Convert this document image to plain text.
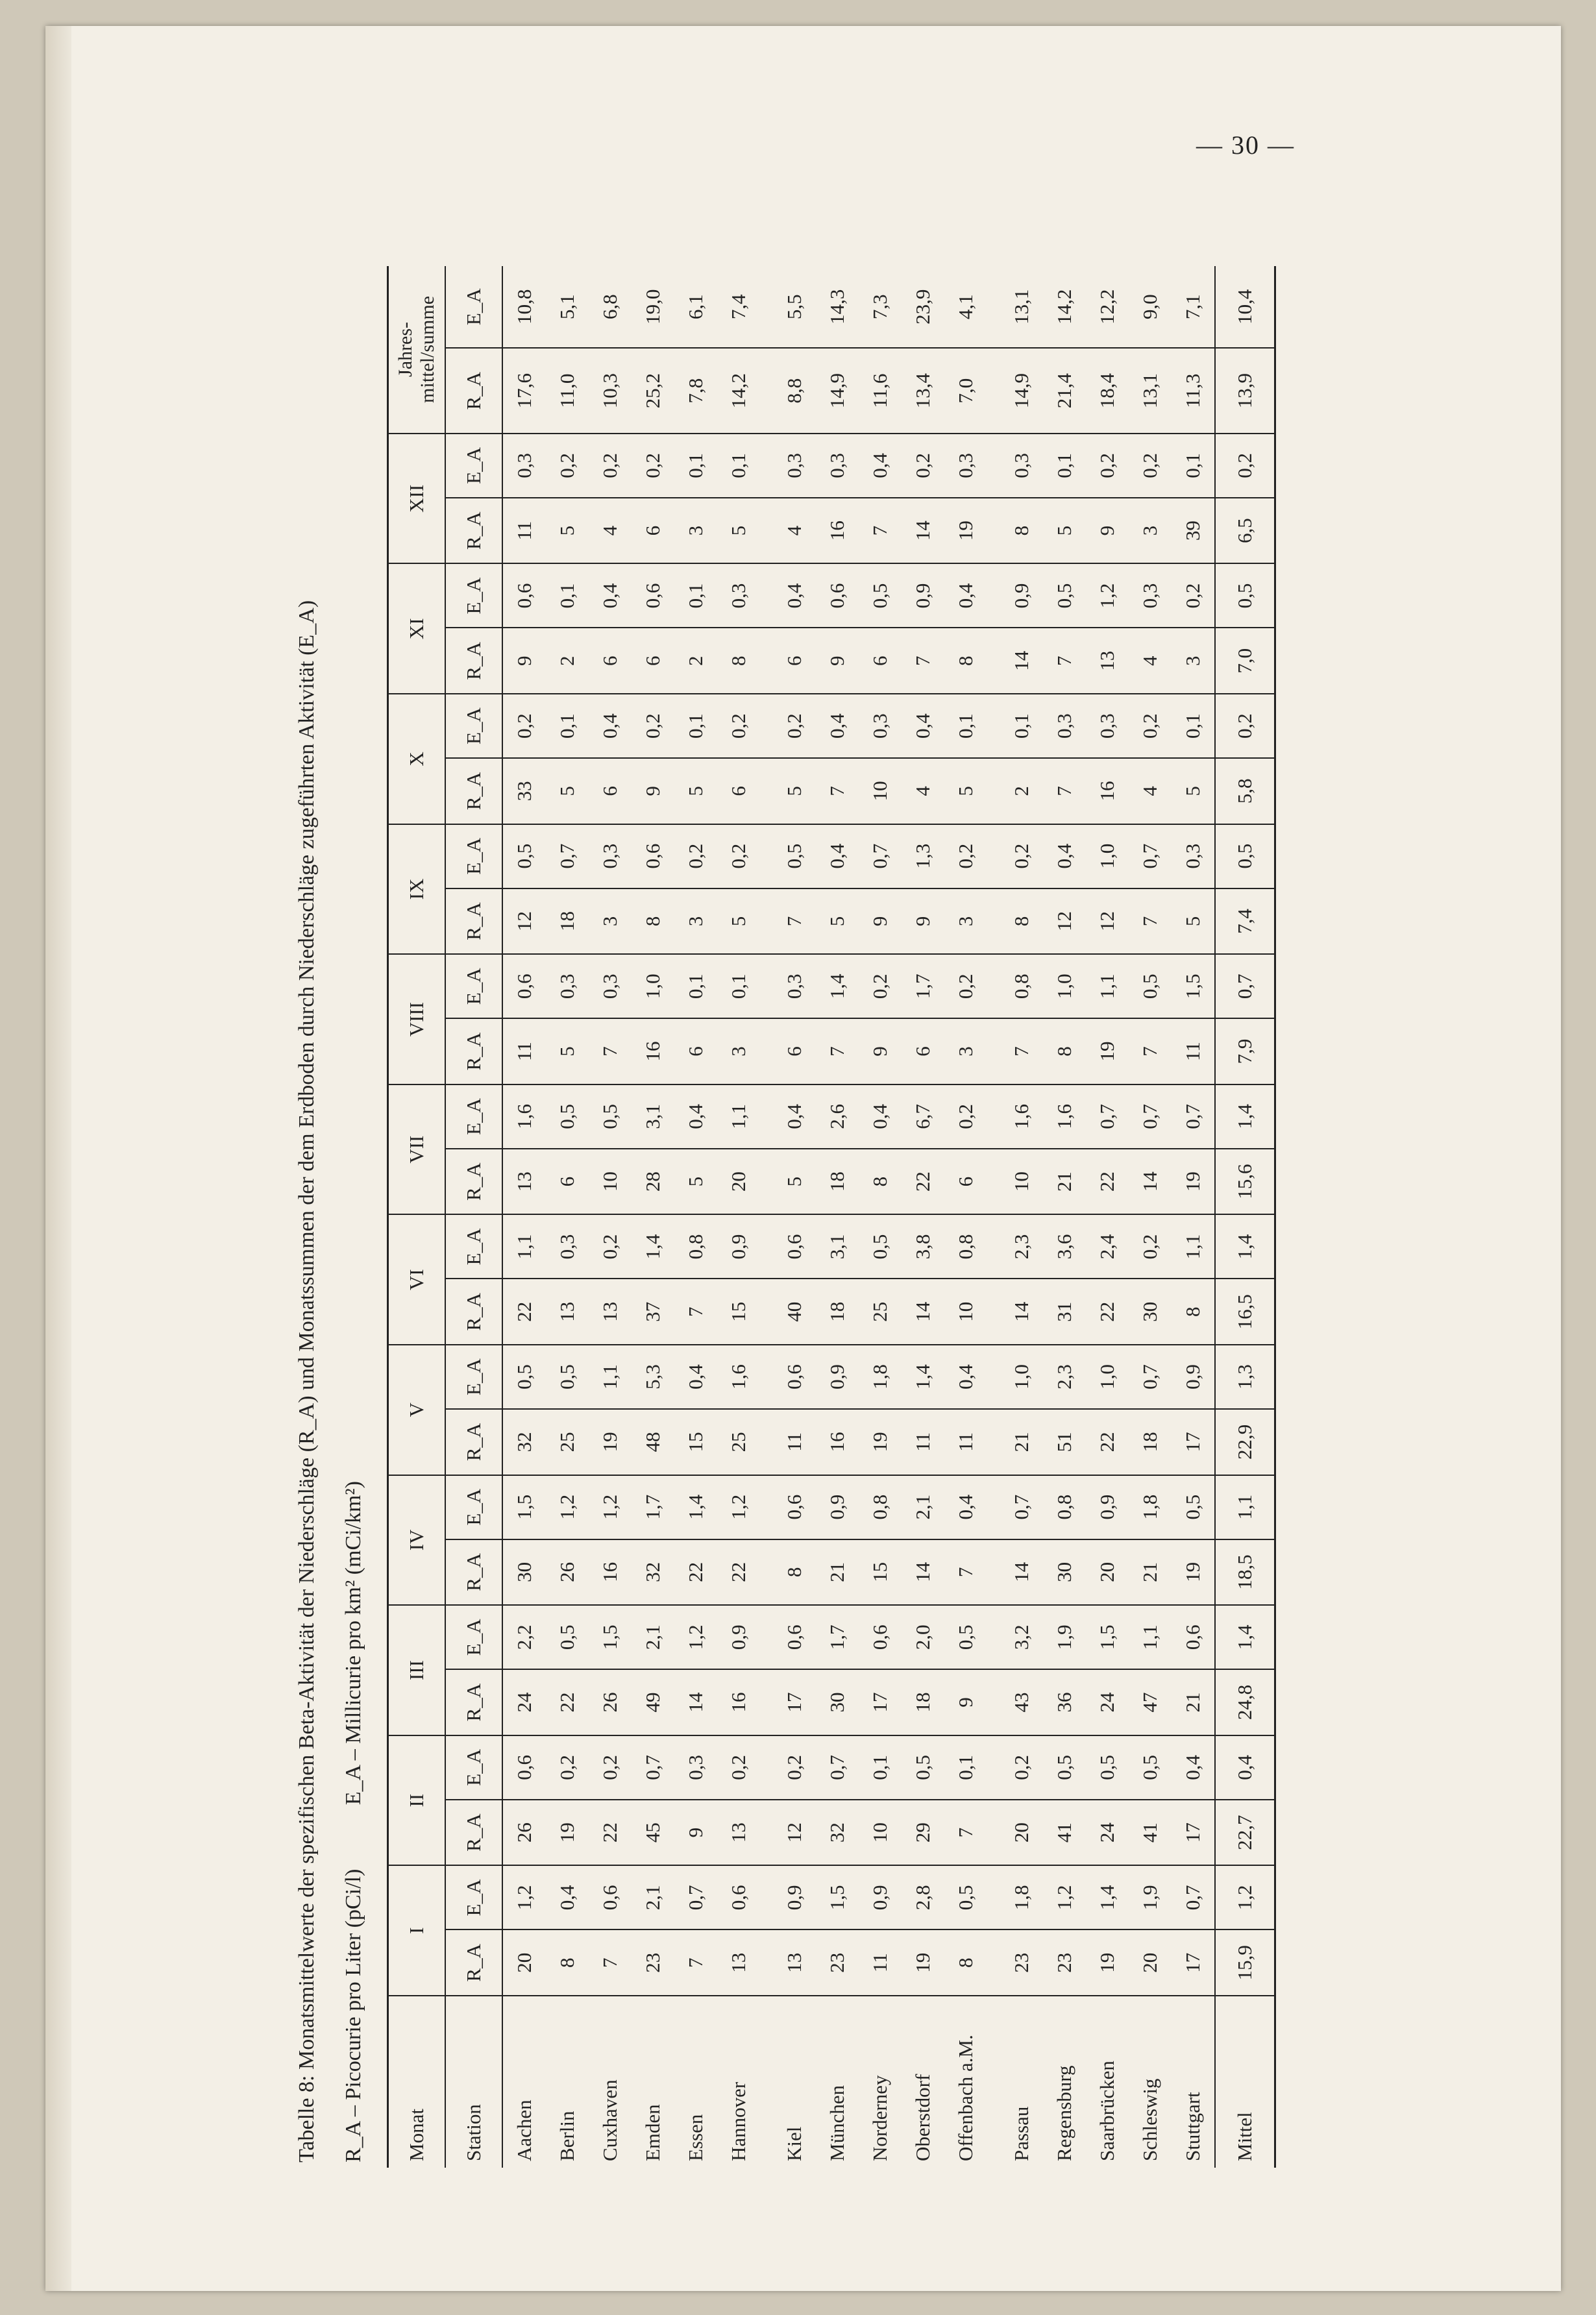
— 30 —
Tabelle 8: Monatsmittelwerte der spezifischen Beta-Aktivität der Niederschläge (R_A) und Monatssummen der dem Erdboden durch Niederschläge zugeführten Aktivität (E_A) R_A – Picocurie pro Liter (pCi/l) E_A – Millicurie pro km² (mCi/km²)
Monat	I		II		III		IV		V		VI		VII		VIII		IX		X		XI		XII		Jahres- mittel/summe	

Station	R_A	E_A	R_A	E_A	R_A	E_A	R_A	E_A	R_A	E_A	R_A	E_A	R_A	E_A	R_A	E_A	R_A	E_A	R_A	E_A	R_A	E_A	R_A	E_A	R_A	E_A
Aachen	20	1,2	26	0,6	24	2,2	30	1,5	32	0,5	22	1,1	13	1,6	11	0,6	12	0,5	33	0,2	9	0,6	11	0,3	17,6	10,8
Berlin	8	0,4	19	0,2	22	0,5	26	1,2	25	0,5	13	0,3	6	0,5	5	0,3	18	0,7	5	0,1	2	0,1	5	0,2	11,0	5,1
Cuxhaven	7	0,6	22	0,2	26	1,5	16	1,2	19	1,1	13	0,2	10	0,5	7	0,3	3	0,3	6	0,4	6	0,4	4	0,2	10,3	6,8
Emden	23	2,1	45	0,7	49	2,1	32	1,7	48	5,3	37	1,4	28	3,1	16	1,0	8	0,6	9	0,2	6	0,6	6	0,2	25,2	19,0
Essen	7	0,7	9	0,3	14	1,2	22	1,4	15	0,4	7	0,8	5	0,4	6	0,1	3	0,2	5	0,1	2	0,1	3	0,1	7,8	6,1
Hannover	13	0,6	13	0,2	16	0,9	22	1,2	25	1,6	15	0,9	20	1,1	3	0,1	5	0,2	6	0,2	8	0,3	5	0,1	14,2	7,4
Kiel	13	0,9	12	0,2	17	0,6	8	0,6	11	0,6	40	0,6	5	0,4	6	0,3	7	0,5	5	0,2	6	0,4	4	0,3	8,8	5,5
München	23	1,5	32	0,7	30	1,7	21	0,9	16	0,9	18	3,1	18	2,6	7	1,4	5	0,4	7	0,4	9	0,6	16	0,3	14,9	14,3
Norderney	11	0,9	10	0,1	17	0,6	15	0,8	19	1,8	25	0,5	8	0,4	9	0,2	9	0,7	10	0,3	6	0,5	7	0,4	11,6	7,3
Oberstdorf	19	2,8	29	0,5	18	2,0	14	2,1	11	1,4	14	3,8	22	6,7	6	1,7	9	1,3	4	0,4	7	0,9	14	0,2	13,4	23,9
Offenbach a.M.	8	0,5	7	0,1	9	0,5	7	0,4	11	0,4	10	0,8	6	0,2	3	0,2	3	0,2	5	0,1	8	0,4	19	0,3	7,0	4,1
Passau	23	1,8	20	0,2	43	3,2	14	0,7	21	1,0	14	2,3	10	1,6	7	0,8	8	0,2	2	0,1	14	0,9	8	0,3	14,9	13,1
Regensburg	23	1,2	41	0,5	36	1,9	30	0,8	51	2,3	31	3,6	21	1,6	8	1,0	12	0,4	7	0,3	7	0,5	5	0,1	21,4	14,2
Saarbrücken	19	1,4	24	0,5	24	1,5	20	0,9	22	1,0	22	2,4	22	0,7	19	1,1	12	1,0	16	0,3	13	1,2	9	0,2	18,4	12,2
Schleswig	20	1,9	41	0,5	47	1,1	21	1,8	18	0,7	30	0,2	14	0,7	7	0,5	7	0,7	4	0,2	4	0,3	3	0,2	13,1	9,0
Stuttgart	17	0,7	17	0,4	21	0,6	19	0,5	17	0,9	8	1,1	19	0,7	11	1,5	5	0,3	5	0,1	3	0,2	39	0,1	11,3	7,1
Mittel	15,9	1,2	22,7	0,4	24,8	1,4	18,5	1,1	22,9	1,3	16,5	1,4	15,6	1,4	7,9	0,7	7,4	0,5	5,8	0,2	7,0	0,5	6,5	0,2	13,9	10,4
